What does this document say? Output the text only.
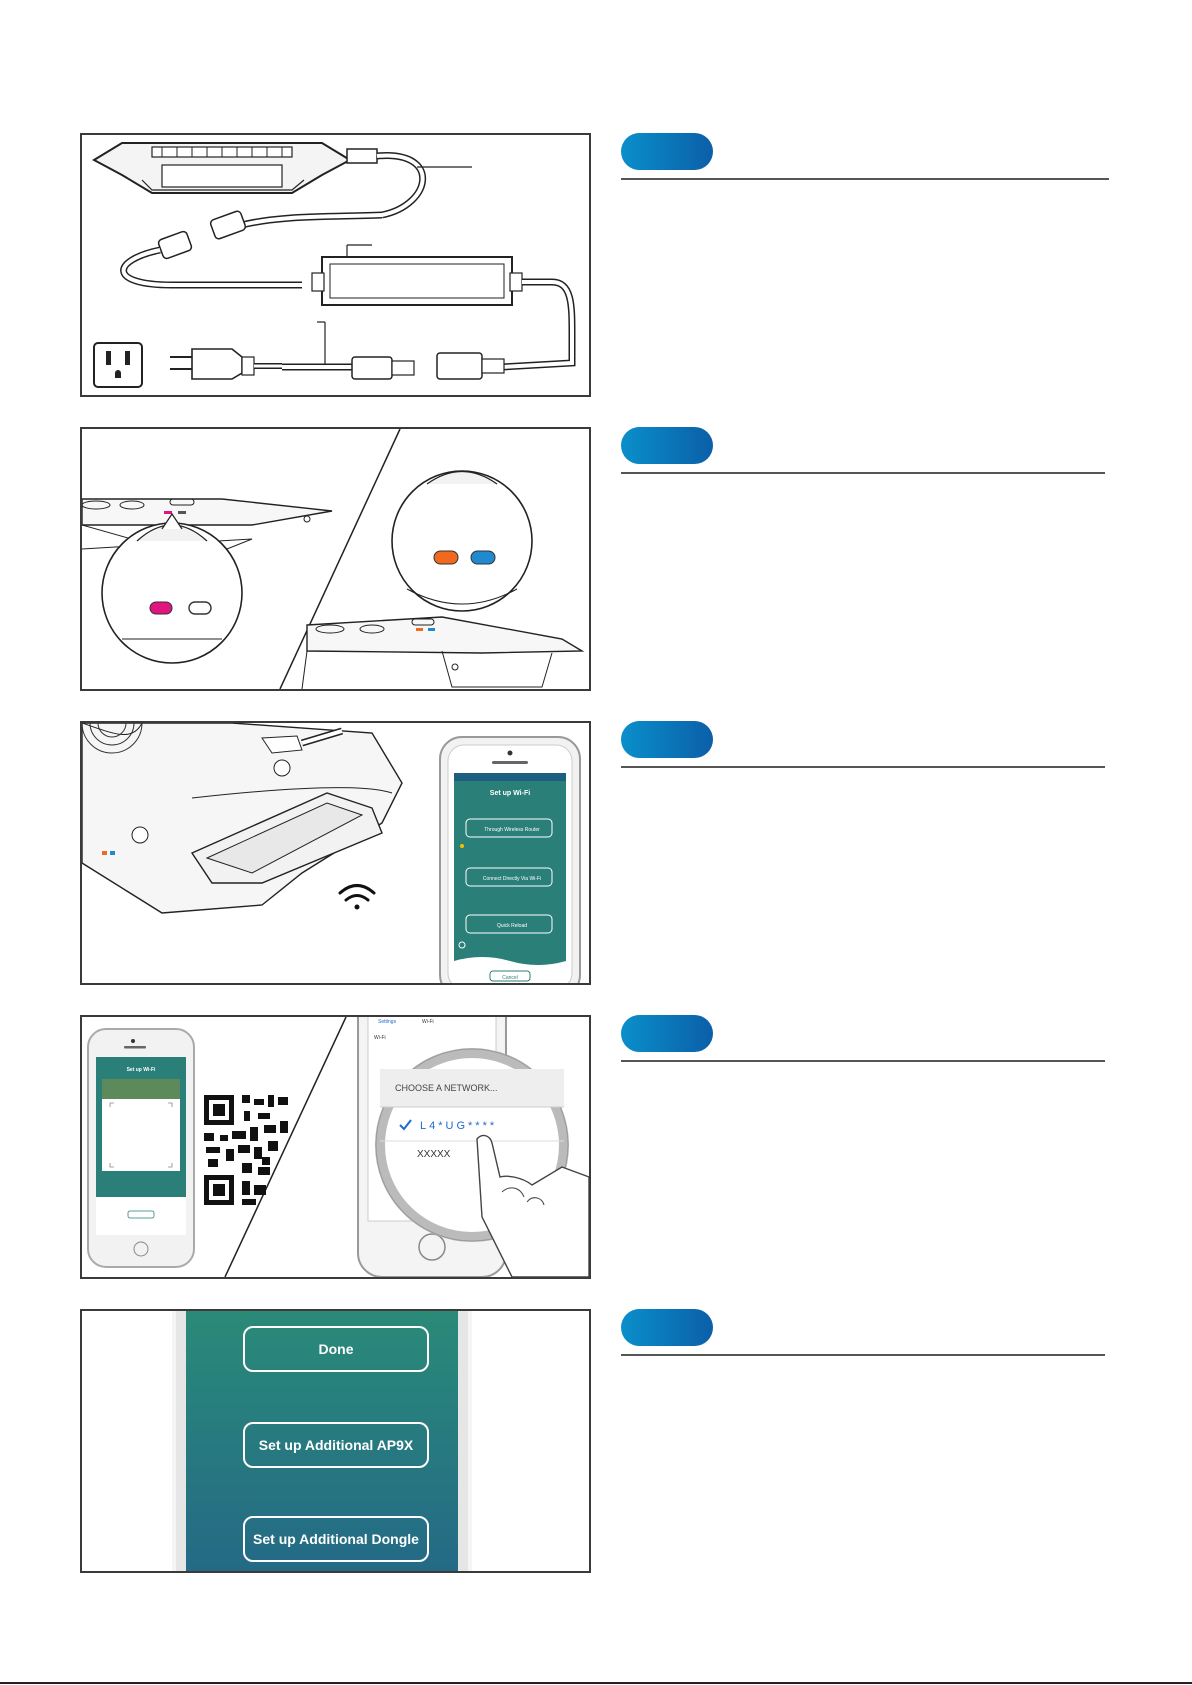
Set up Wi-Fi
Through Wireless Router
Connect Directly Via Wi-Fi
Quick Reload
Cancel
Set up Wi-Fi
Settings	Wi-Fi
Wi-Fi
CHOOSE A NETWORK...
L4*UG****
XXXXX
Done
Set up Additional AP9X
Set up Additional Dongle
